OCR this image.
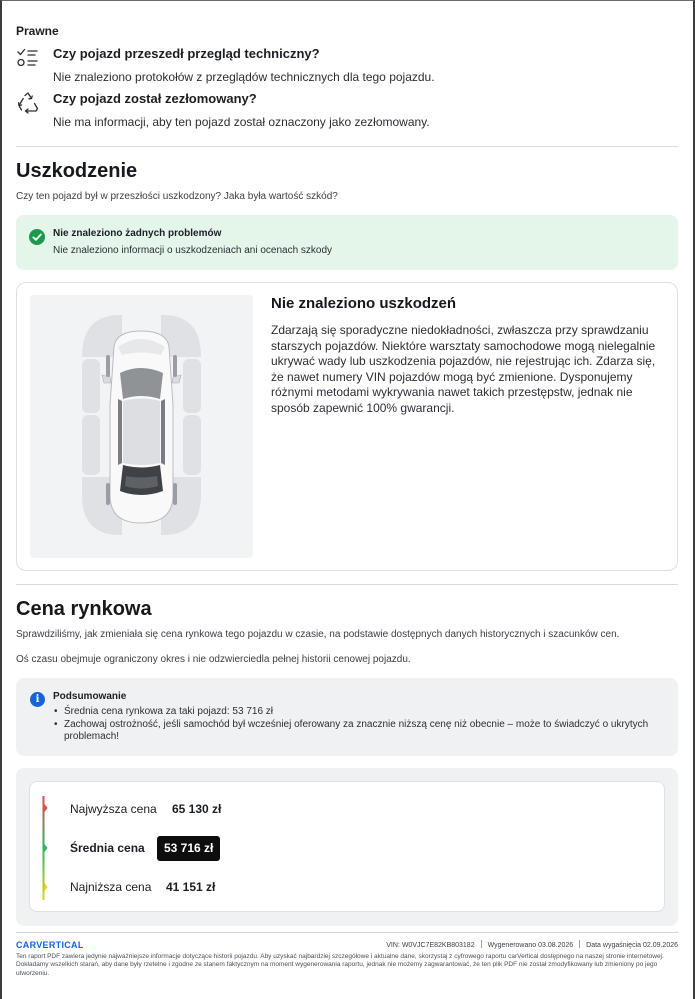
Prawne
Czy pojazd przeszedł przegląd techniczny?
Nie znaleziono protokołów z przeglądów technicznych dla tego pojazdu.
Czy pojazd został zezłomowany?
Nie ma informacji, aby ten pojazd został oznaczony jako zezłomowany.
Uszkodzenie
Czy ten pojazd był w przeszłości uszkodzony? Jaka była wartość szkód?
Nie znaleziono żadnych problemów
Nie znaleziono informacji o uszkodzeniach ani ocenach szkody
Nie znaleziono uszkodzeń
Zdarzają się sporadyczne niedokładności, zwłaszcza przy sprawdzaniu starszych pojazdów. Niektóre warsztaty samochodowe mogą nielegalnie ukrywać wady lub uszkodzenia pojazdów, nie rejestrując ich. Zdarza się, że nawet numery VIN pojazdów mogą być zmienione. Dysponujemy różnymi metodami wykrywania nawet takich przestępstw, jednak nie sposób zapewnić 100% gwarancji.
Cena rynkowa
Sprawdziliśmy, jak zmieniała się cena rynkowa tego pojazdu w czasie, na podstawie dostępnych danych historycznych i szacunków cen.
Oś czasu obejmuje ograniczony okres i nie odzwierciedla pełnej historii cenowej pojazdu.
i	Podsumowanie
• Średnia cena rynkowa za taki pojazd: 53 716 zł
• Zachowaj ostrożność, jeśli samochód był wcześniej oferowany za znacznie niższą cenę niż obecnie – może to świadczyć o ukrytych problemach!
Najwyższa cena 65 130 zł
Średnia cena	53 716 zł
Najniższa cena 41 151 zł
CARVERTICAL	VIN: W0VJC7E82KB803182 Wygenerowano 03.08.2026 Data wygaśnięcia 02.09.2026
Ten raport PDF zawiera jedynie najważniejsze informacje dotyczące historii pojazdu. Aby uzyskać najbardziej szczegółowe i aktualne dane, skorzystaj z cyfrowego raportu carVertical dostępnego na naszej stronie internetowej. Dokładamy wszelkich starań, aby dane były rzetelne i zgodne ze stanem faktycznym na moment wygenerowania raportu, jednak nie możemy zagwarantować, że ten plik PDF nie został zmodyfikowany lub zmieniony po jego utworzeniu.
